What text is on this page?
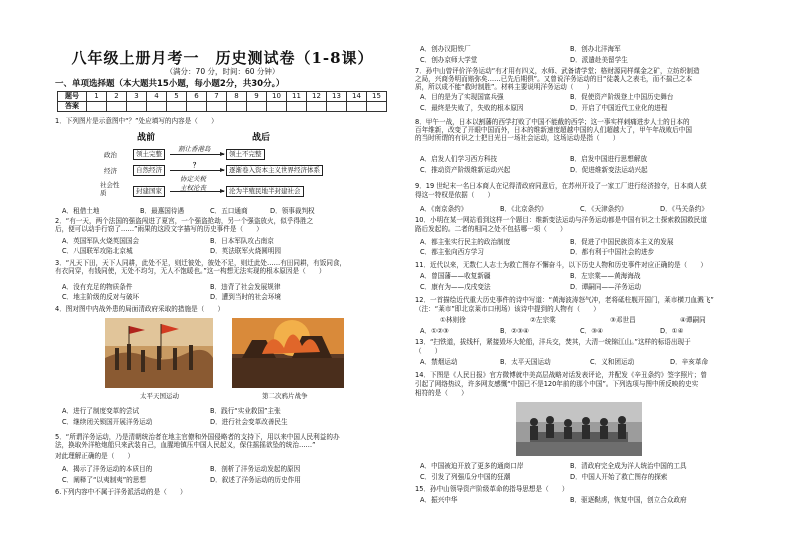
八年级上册月考一　历史测试卷（1-8课）
（满分：70 分，时间：60 分钟）
一、单项选择题（本大题共15小题，每小题2分，共30分。）
题号	1	2	3	4	5	6	7	8	9	10	11	12	13	14	15
答案															
1．下列图片是示意图中“？”处应填写的内容是（　　）
战前	战后
政治
经济
社会性质
领土完整
自然经济
封建国家
领土不完整
逐渐卷入资本主义世界经济体系
沦为半殖民地半封建社会
割让香港岛
？
协定关税
主权沦丧
A．租借土地	B．最惠国待遇	C．五口通商	D．领事裁判权
2．“有一天，两个法国的强盗闯进了夏宫，一个强盗抢劫，另一个强盗放火，似乎得胜之
后，便可以动手行窃了……”雨果的这段文字描写的历史事件是（　　）
A．英国军队火烧英国国会	B．日本军队攻占南京
C．八国联军攻陷北京城	D．英法联军火烧圆明园
3．“凡天下田，天下人同耕，此处不足，则迁彼处，彼处不足，则迁此处……有田同耕，有饭同食，
有衣同穿，有钱同使，无处不均匀，无人不饱暖也。”这一构想无法实现的根本原因是（　　）
A．没有充足的物质条件	B．违背了社会发展规律
C．地主阶级的反对与破坏	D．遭到当时的社会环境
4．图对图中内战外患的局面清政府采取的措施是（　　）
太平天国运动	第二次鸦片战争
A．进行了制度变革的尝试	B．践行“实业救国”主张
C．继续闭关锁国开展洋务运动	D．进行社会变革改善民生
5．“所谓洋务运动，乃是清朝统治者在地主官僚和外国侵略者的支持下，用以来中国人民利益的办
法，换取外洋枪炮船只来武装自己，血腥地镇压中国人民起义，保住摇摇欲坠的统治……”
对此理解正确的是（　　）
A．揭示了洋务运动的本质目的	B．剖析了洋务运动发起的原因
C．阐释了“以夷制夷”的思想	D．叙述了洋务运动的历史作用
6.下列内容中不属于洋务派活动的是（　　）
A．创办汉阳铁厂	B．创办北洋海军
C．创办京师大学堂	D．派遣赴美留学生
7．孙中山曾评价洋务运动“有才用有四义，水师、武备请学堂；格财源同样煤金之矿，立纺织制造
之局，兴商务明而赔弥矣……已先后期俱”。又曾说洋务运动的目“徒袭人之表毛，而不揣己之本
质，所以成不能“救时制胜”。材料主要说明洋务运动（　　）
A．目的是为了实现国富兵强	B．促使资产阶级登上中国历史舞台
C．最终是失败了，失败的根本原因	D．开启了中国近代工业化的进程
8．甲午一战，日本以割藩的西学打败了中国不能截的西学；这一事实样刺痛进步人士的日本的
百年维新，改变了开眼中国而外，日本的维新速度超越中国的人们超越大了，甲午年战败后中国
的当时所谓的有识之士把目光日一场社会运动，这场运动是指（　　）
A．启发人们学习西方科技	B．启发中国进行思想解放
C．推动资产阶级维新运动兴起	D．促进维新变法运动兴起
9．19 世纪末一名日本商人在记得清政府同意后，在苏州开设了一家工厂进行经济掠夺，日本商人获
得这一特权是依据（　　）
A．《南京条约》	B．《北京条约》	C．《天津条约》	D．《马关条约》
10．小明在某一网站看到这样一个题目：维新变法运动与洋务运动都是中国有识之士探索救国救民道
路后发起的。二者的相同之处不包括哪一项（　　）
A．都主张实行民主的政治制度	B．促进了中国民族资本主义的发展
C．都主张向西方学习	D．都有利于中国社会的进步
11．近代以来，无数仁人志士为救亡图存不懈奋斗，以下历史人物和历史事件对应正确的是（　　）
A．曾国藩——收复新疆	B．左宗棠——黄海海战
C．康有为——戊戌变法	D．谭嗣同——洋务运动
12．一首描绘近代重大历史事件的诗中写道：“黄海波涛怒气冲，老将砥柱舰开国门，莱市横刀血溅飞”
（注：“莱市”即北京莱市口刑场）该诗中提到的人物有（　　）
①林则徐	②左宗棠	③邓世昌	④谭嗣同
A．①②③	B．②③④	C．③④	D．①④
13．“扫铁道，拔线杆，紧接毁坏大轮船，洋兵交，焚其，大清一统锦江山。”这样的标语出现于
（　　）
A．禁烟运动	B．太平天国运动	C．义和团运动	D．辛亥革命
14．下图是《人民日报》官方微博就中美高层战略对话发表评论，并配发《辛丑条约》签字照片；曾
引起了网络热议，许多网友感慨“中国已不是120年前的那个中国”。下列选项与图中所反映的史实
相符的是（　　）
A．中国被迫开放了更多的通商口岸	B．清政府完全成为洋人统治中国的工具
C．引发了列强瓜分中国的狂潮	D．中国人开始了救亡图存的探索
15．孙中山领导资产阶级革命的指导思想是（　　）
A．振兴中华	B．驱逐鞑虏，恢复中国，创立合众政府
